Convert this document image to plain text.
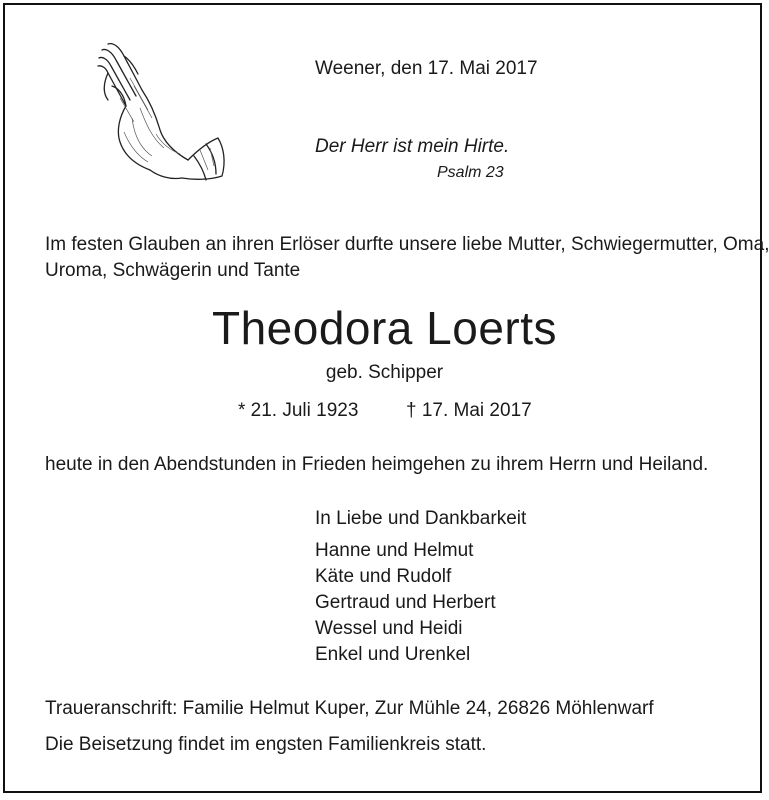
Weener, den 17. Mai 2017
Der Herr ist mein Hirte.
Psalm 23
Im festen Glauben an ihren Erlöser durfte unsere liebe Mutter, Schwiegermutter, Oma,
Uroma, Schwägerin und Tante
Theodora Loerts
geb. Schipper
* 21. Juli 1923	† 17. Mai 2017
heute in den Abendstunden in Frieden heimgehen zu ihrem Herrn und Heiland.
In Liebe und Dankbarkeit
Hanne und Helmut
Käte und Rudolf
Gertraud und Herbert
Wessel und Heidi
Enkel und Urenkel
Traueranschrift: Familie Helmut Kuper, Zur Mühle 24, 26826 Möhlenwarf
Die Beisetzung findet im engsten Familienkreis statt.
